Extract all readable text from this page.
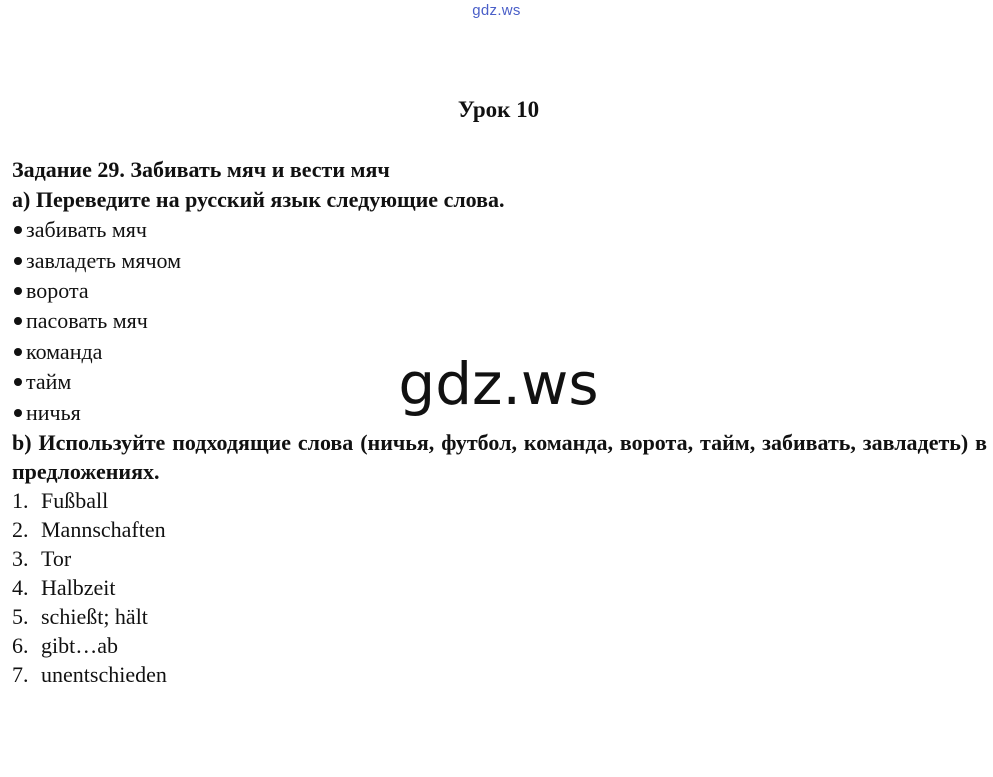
gdz.ws
Урок 10
Задание 29. Забивать мяч и вести мяч
a) Переведите на русский язык следующие слова.
забивать мяч
завладеть мячом
ворота
пасовать мяч
команда
тайм
ничья
b) Используйте подходящие слова (ничья, футбол, команда, ворота, тайм, забивать, завладеть) в предложениях.
1. Fußball
2. Mannschaften
3. Tor
4. Halbzeit
5. schießt; hält
6. gibt…ab
7. unentschieden
gdz.ws
